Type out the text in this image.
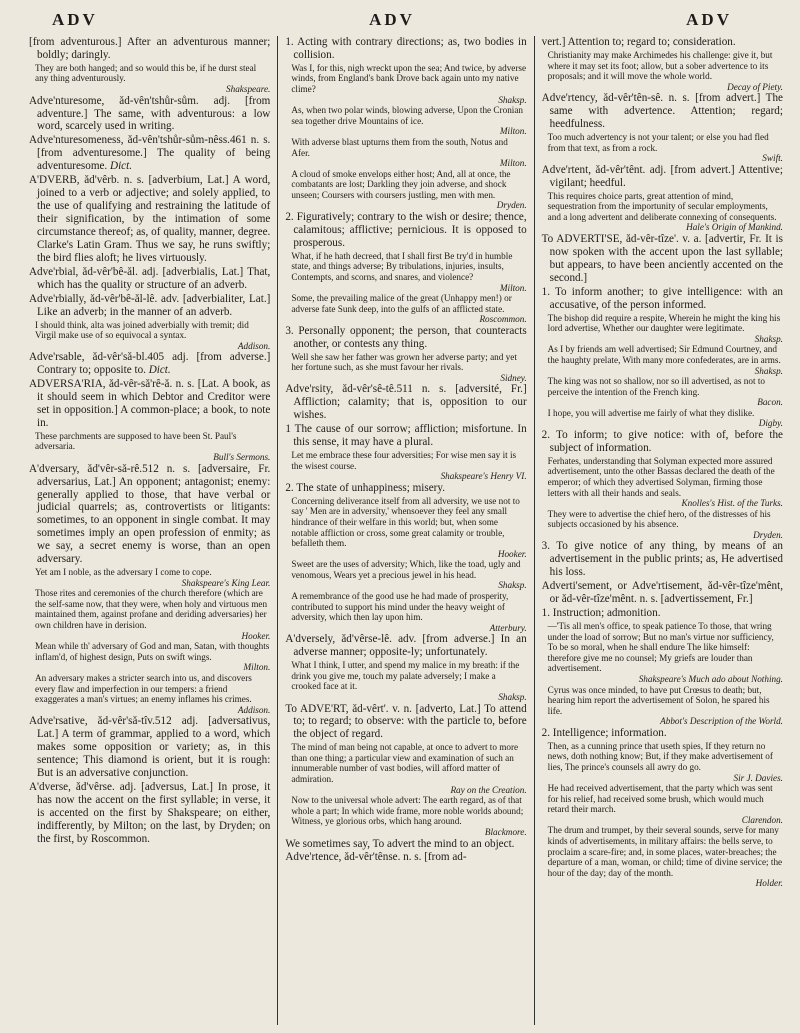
ADV	ADV	ADV
[from adventurous.] After an adventurous manner; boldly; daringly.
They are both hanged; and so would this be, if he durst steal any thing adventurously.
Shakspeare.
Adve'nturesome, ǎd-vên'tshůr-sům. adj. [from adventure.] The same, with adventurous: a low word, scarcely used in writing.
Adve'nturesomeness, ǎd-vên'tshůr-sům-nêss.461 n. s. [from adventuresome.] The quality of being adventuresome. Dict.
A'DVERB, ǎd'vêrb. n. s. [adverbium, Lat.] A word, joined to a verb or adjective; and solely applied, to the use of qualifying and restraining the latitude of their signification, by the intimation of some circumstance thereof; as, of quality, manner, degree. Clarke's Latin Gram. Thus we say, he runs swiftly; the bird flies aloft; he lives virtuously.
Adve'rbial, ǎd-vêr'bê-ǎl. adj. [adverbialis, Lat.] That, which has the quality or structure of an adverb.
Adve'rbially, ǎd-vêr'bê-ǎl-lê. adv. [adverbialiter, Lat.] Like an adverb; in the manner of an adverb.
I should think, alta was joined adverbially with tremit; did Virgil make use of so equivocal a syntax.
Addison.
Adve'rsable, ǎd-vêr'sǎ-bl.405 adj. [from adverse.] Contrary to; opposite to. Dict.
ADVERSA'RIA, ǎd-vêr-sǎ'rê-ǎ. n. s. [Lat. A book, as it should seem in which Debtor and Creditor were set in opposition.] A common-place; a book, to note in.
These parchments are supposed to have been St. Paul's adversaria.
Bull's Sermons.
A'dversary, ǎd'vêr-sǎ-rê.512 n. s. [adversaire, Fr. adversarius, Lat.] An opponent; antagonist; enemy: generally applied to those, that have verbal or judicial quarrels; as, controvertists or litigants: sometimes, to an opponent in single combat. It may sometimes imply an open profession of enmity; as we say, a secret enemy is worse, than an open adversary.
Yet am I noble, as the adversary I come to cope.
Shakspeare's King Lear.
Those rites and ceremonies of the church therefore (which are the self-same now, that they were, when holy and virtuous men maintained them, against profane and deriding adversaries) her own children have in derision.
Hooker.
Mean while th' adversary of God and man, Satan, with thoughts inflam'd, of highest design, Puts on swift wings.
Milton.
An adversary makes a stricter search into us, and discovers every flaw and imperfection in our tempers: a friend exaggerates a man's virtues; an enemy inflames his crimes.
Addison.
Adve'rsative, ǎd-vêr'sǎ-tîv.512 adj. [adversativus, Lat.] A term of grammar, applied to a word, which makes some opposition or variety; as, in this sentence; This diamond is orient, but it is rough: But is an adversative conjunction.
A'dverse, ǎd'vêrse. adj. [adversus, Lat.] In prose, it has now the accent on the first syllable; in verse, it is accented on the first by Shakspeare; on either, indifferently, by Milton; on the last, by Dryden; on the first, by Roscommon.
1. Acting with contrary directions; as, two bodies in collision.
Was I, for this, nigh wreckt upon the sea; And twice, by adverse winds, from England's bank Drove back again unto my native clime?
Shaksp.
As, when two polar winds, blowing adverse, Upon the Cronian sea together drive Mountains of ice.
Milton.
With adverse blast upturns them from the south, Notus and Afer.
Milton.
A cloud of smoke envelops either host; And, all at once, the combatants are lost; Darkling they join adverse, and shock unseen; Coursers with coursers justling, men with men.
Dryden.
2. Figuratively; contrary to the wish or desire; thence, calamitous; afflictive; pernicious. It is opposed to prosperous.
What, if he hath decreed, that I shall first Be try'd in humble state, and things adverse; By tribulations, injuries, insults, Contempts, and scorns, and snares, and violence?
Milton.
Some, the prevailing malice of the great (Unhappy men!) or adverse fate Sunk deep, into the gulfs of an afflicted state.
Roscommon.
3. Personally opponent; the person, that counteracts another, or contests any thing.
Well she saw her father was grown her adverse party; and yet her fortune such, as she must favour her rivals.
Sidney.
Adve'rsity, ǎd-vêr'sê-tê.511 n. s. [adversité, Fr.] Affliction; calamity; that is, opposition to our wishes.
1 The cause of our sorrow; affliction; misfortune. In this sense, it may have a plural.
Let me embrace these four adversities; For wise men say it is the wisest course.
Shakspeare's Henry VI.
2. The state of unhappiness; misery.
Concerning deliverance itself from all adversity, we use not to say ' Men are in adversity,' whensoever they feel any small hindrance of their welfare in this world; but, when some notable affliction or cross, some great calamity or trouble, befalleth them.
Hooker.
Sweet are the uses of adversity; Which, like the toad, ugly and venomous, Wears yet a precious jewel in his head.
Shaksp.
A remembrance of the good use he had made of prosperity, contributed to support his mind under the heavy weight of adversity, which then lay upon him.
Atterbury.
A'dversely, ǎd'vêrse-lê. adv. [from adverse.] In an adverse manner; opposite-ly; unfortunately.
What I think, I utter, and spend my malice in my breath: if the drink you give me, touch my palate adversely; I make a crooked face at it.
Shaksp.
To ADVE'RT, ǎd-vêrt'. v. n. [adverto, Lat.] To attend to; to regard; to observe: with the particle to, before the object of regard.
The mind of man being not capable, at once to advert to more than one thing; a particular view and examination of such an innumerable number of vast bodies, will afford matter of admiration.
Ray on the Creation.
Now to the universal whole advert: The earth regard, as of that whole a part; In which wide frame, more noble worlds abound; Witness, ye glorious orbs, which hang around.
Blackmore.
We sometimes say, To advert the mind to an object.
Adve'rtence, ǎd-vêr'tênse. n. s. [from ad-
vert.] Attention to; regard to; consideration.
Christianity may make Archimedes his challenge: give it, but where it may set its foot; allow, but a sober advertence to its proposals; and it will move the whole world.
Decay of Piety.
Adve'rtency, ǎd-vêr'tên-sê. n. s. [from advert.] The same with advertence. Attention; regard; heedfulness.
Too much advertency is not your talent; or else you had fled from that text, as from a rock.
Swift.
Adve'rtent, ǎd-vêr'tênt. adj. [from advert.] Attentive; vigilant; heedful.
This requires choice parts, great attention of mind, sequestration from the importunity of secular employments, and a long advertent and deliberate connexing of consequents.
Hale's Origin of Mankind.
To ADVERTI'SE, ǎd-vêr-tîze'. v. a. [advertir, Fr. It is now spoken with the accent upon the last syllable; but appears, to have been anciently accented on the second.]
1. To inform another; to give intelligence: with an accusative, of the person informed.
The bishop did require a respite, Wherein he might the king his lord advertise, Whether our daughter were legitimate.
Shaksp.
As I by friends am well advertised; Sir Edmund Courtney, and the haughty prelate, With many more confederates, are in arms.
Shaksp.
The king was not so shallow, nor so ill advertised, as not to perceive the intention of the French king.
Bacon.
I hope, you will advertise me fairly of what they dislike.
Digby.
2. To inform; to give notice: with of, before the subject of information.
Ferhates, understanding that Solyman expected more assured advertisement, unto the other Bassas declared the death of the emperor; of which they advertised Solyman, firming those letters with all their hands and seals.
Knolles's Hist. of the Turks.
They were to advertise the chief hero, of the distresses of his subjects occasioned by his absence.
Dryden.
3. To give notice of any thing, by means of an advertisement in the public prints; as, He advertised his loss.
Adverti'sement, or Adve'rtisement, ǎd-vêr-tîze'mênt, or ǎd-vêr-tîze'mênt. n. s. [advertissement, Fr.]
1. Instruction; admonition.
—'Tis all men's office, to speak patience To those, that wring under the load of sorrow; But no man's virtue nor sufficiency, To be so moral, when he shall endure The like himself: therefore give me no counsel; My griefs are louder than advertisement.
Shakspeare's Much ado about Nothing.
Cyrus was once minded, to have put Crœsus to death; but, hearing him report the advertisement of Solon, he spared his life.
Abbot's Description of the World.
2. Intelligence; information.
Then, as a cunning prince that useth spies, If they return no news, doth nothing know; But, if they make advertisement of lies, The prince's counsels all awry do go.
Sir J. Davies.
He had received advertisement, that the party which was sent for his relief, had received some brush, which would much retard their march.
Clarendon.
The drum and trumpet, by their several sounds, serve for many kinds of advertisements, in military affairs: the bells serve, to proclaim a scare-fire; and, in some places, water-breaches; the departure of a man, woman, or child; time of divine service; the hour of the day; day of the month.
Holder.
